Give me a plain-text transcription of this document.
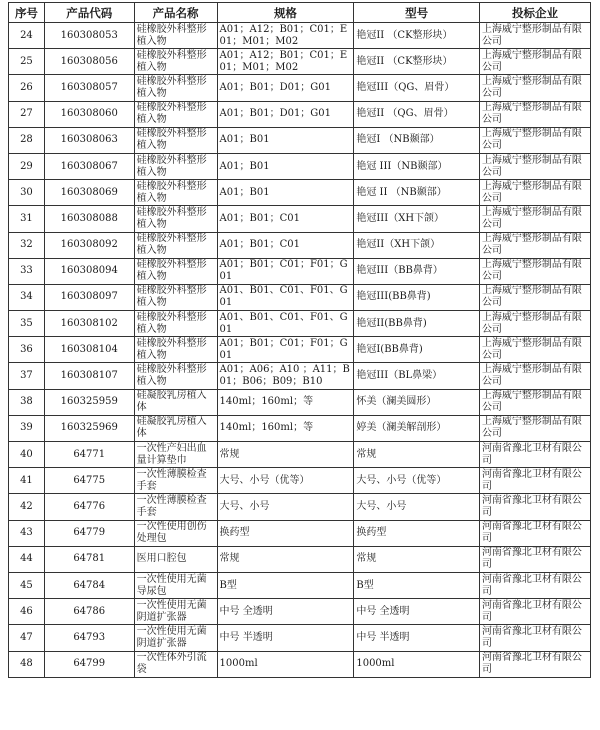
序号	产品代码	产品名称	规格	型号	投标企业
24	160308053	硅橡胶外科整形植入物	A01；A12；B01；C01；E01；M01；M02	艳冠II （CK整形块）	上海威宁整形制品有限公司
25	160308056	硅橡胶外科整形植入物	A01；A12；B01；C01；E01；M01；M02	艳冠II （CK整形块）	上海威宁整形制品有限公司
26	160308057	硅橡胶外科整形植入物	A01；B01；D01；G01	艳冠III（QG、眉骨）	上海威宁整形制品有限公司
27	160308060	硅橡胶外科整形植入物	A01；B01；D01；G01	艳冠II （QG、眉骨）	上海威宁整形制品有限公司
28	160308063	硅橡胶外科整形植入物	A01；B01	艳冠I （NB颞部）	上海威宁整形制品有限公司
29	160308067	硅橡胶外科整形植入物	A01；B01	艳冠 III（NB颞部）	上海威宁整形制品有限公司
30	160308069	硅橡胶外科整形植入物	A01；B01	艳冠 II （NB颞部）	上海威宁整形制品有限公司
31	160308088	硅橡胶外科整形植入物	A01；B01；C01	艳冠III（XH下颌）	上海威宁整形制品有限公司
32	160308092	硅橡胶外科整形植入物	A01；B01；C01	艳冠II（XH下颌）	上海威宁整形制品有限公司
33	160308094	硅橡胶外科整形植入物	A01；B01；C01；F01；G01	艳冠III（BB鼻背）	上海威宁整形制品有限公司
34	160308097	硅橡胶外科整形植入物	A01、B01、C01、F01、G01	艳冠III(BB鼻背)	上海威宁整形制品有限公司
35	160308102	硅橡胶外科整形植入物	A01、B01、C01、F01、G01	艳冠II(BB鼻背)	上海威宁整形制品有限公司
36	160308104	硅橡胶外科整形植入物	A01；B01；C01；F01；G01	艳冠I(BB鼻背)	上海威宁整形制品有限公司
37	160308107	硅橡胶外科整形植入物	A01；A06；A10 ；A11；B01；B06；B09；B10	艳冠III（BL鼻梁）	上海威宁整形制品有限公司
38	160325959	硅凝胶乳房植入体	140ml；160ml；等	怀美（澜美圆形）	上海威宁整形制品有限公司
39	160325969	硅凝胶乳房植入体	140ml；160ml；等	婷美（澜美解剖形）	上海威宁整形制品有限公司
40	64771	一次性产妇出血量计算垫巾	常规	常规	河南省豫北卫材有限公司
41	64775	一次性薄膜检查手套	大号、小号（优等）	大号、小号（优等）	河南省豫北卫材有限公司
42	64776	一次性薄膜检查手套	大号、小号	大号、小号	河南省豫北卫材有限公司
43	64779	一次性使用创伤处理包	换药型	换药型	河南省豫北卫材有限公司
44	64781	医用口腔包	常规	常规	河南省豫北卫材有限公司
45	64784	一次性使用无菌导尿包	B型	B型	河南省豫北卫材有限公司
46	64786	一次性使用无菌阴道扩张器	中号 全透明	中号 全透明	河南省豫北卫材有限公司
47	64793	一次性使用无菌阴道扩张器	中号 半透明	中号 半透明	河南省豫北卫材有限公司
48	64799	一次性体外引流袋	1000ml	1000ml	河南省豫北卫材有限公司
